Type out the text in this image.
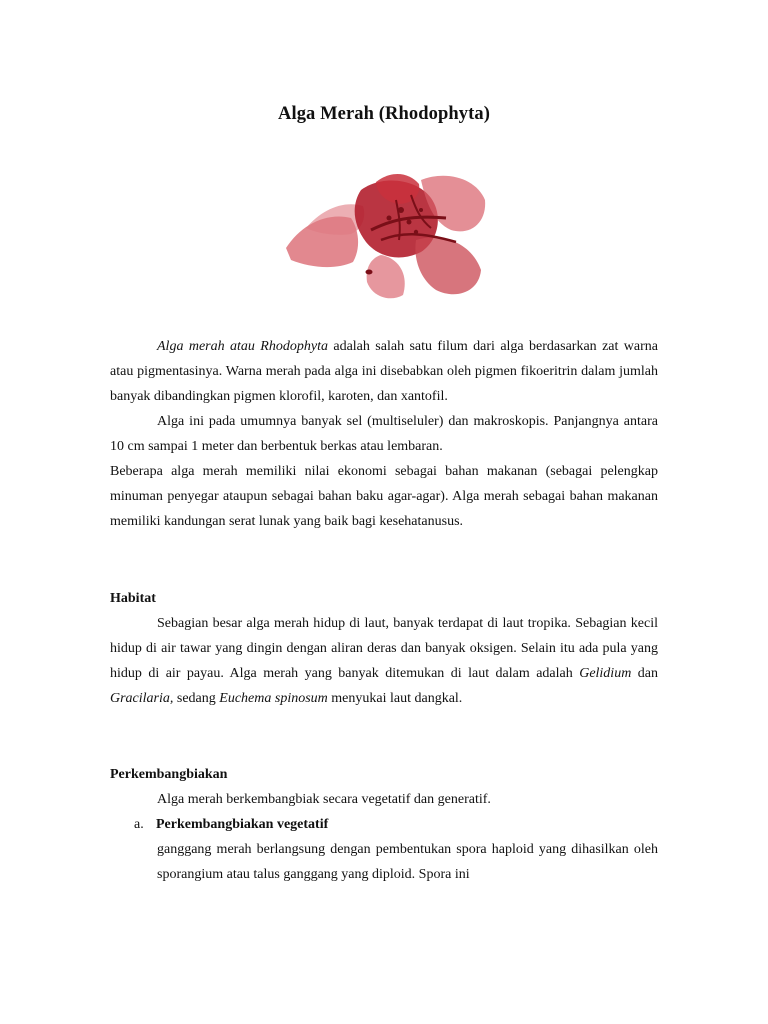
Alga Merah (Rhodophyta)

Alga merah atau Rhodophyta adalah salah satu filum dari alga berdasarkan zat warna atau pigmentasinya. Warna merah pada alga ini disebabkan oleh pigmen fikoeritrin dalam jumlah banyak dibandingkan pigmen klorofil, karoten, dan xantofil.

Alga ini pada umumnya banyak sel (multiseluler) dan makroskopis. Panjangnya antara 10 cm sampai 1 meter dan berbentuk berkas atau lembaran.

Beberapa alga merah memiliki nilai ekonomi sebagai bahan makanan (sebagai pelengkap minuman penyegar ataupun sebagai bahan baku agar-agar). Alga merah sebagai bahan makanan memiliki kandungan serat lunak yang baik bagi kesehatanusus.

Habitat

Sebagian besar alga merah hidup di laut, banyak terdapat di laut tropika. Sebagian kecil hidup di air tawar yang dingin dengan aliran deras dan banyak oksigen. Selain itu ada pula yang hidup di air payau. Alga merah yang banyak ditemukan di laut dalam adalah Gelidium dan Gracilaria, sedang Euchema spinosum menyukai laut dangkal.

Perkembangbiakan

Alga merah berkembangbiak secara vegetatif dan generatif.

a. Perkembangbiakan vegetatif

ganggang merah berlangsung dengan pembentukan spora haploid yang dihasilkan oleh sporangium atau talus ganggang yang diploid. Spora ini
